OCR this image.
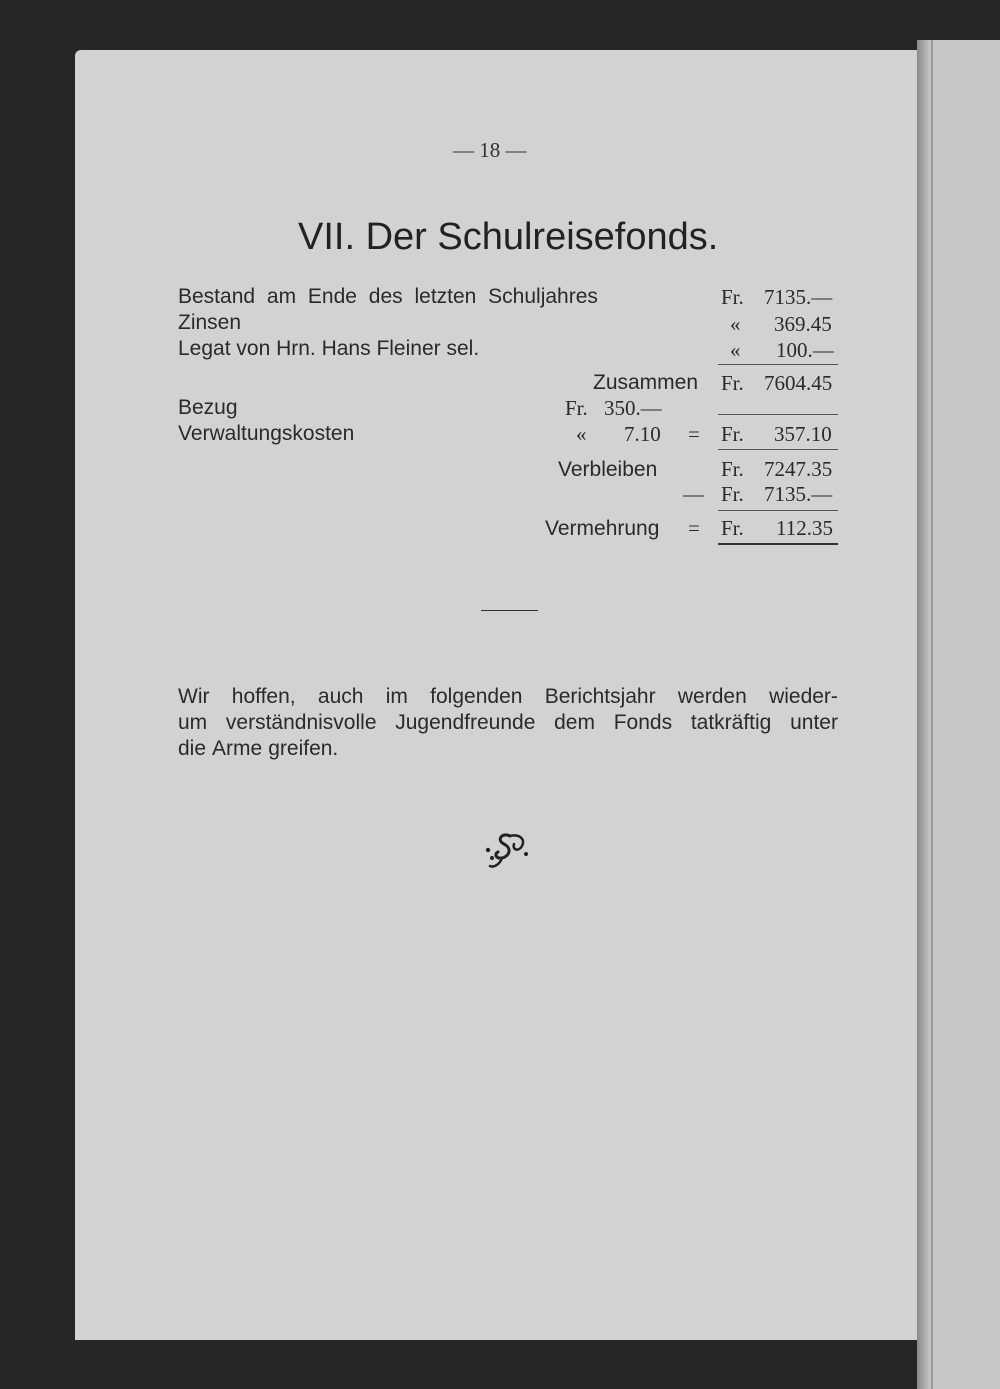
— 18 —
VII. Der Schulreisefonds.
Bestand am Ende des letzten Schuljahres	Fr. 7135.—
Zinsen	« 369.45
Legat von Hrn. Hans Fleiner sel.	« 100.—
Zusammen Fr. 7604.45
Bezug	Fr. 350.—
Verwaltungskosten	« 7.10 = Fr. 357.10
Verbleiben	Fr. 7247.35
— Fr. 7135.—
Vermehrung = Fr. 112.35
Wir hoffen, auch im folgenden Berichtsjahr werden wieder-
um verständnisvolle Jugendfreunde dem Fonds tatkräftig unter
die Arme greifen.
